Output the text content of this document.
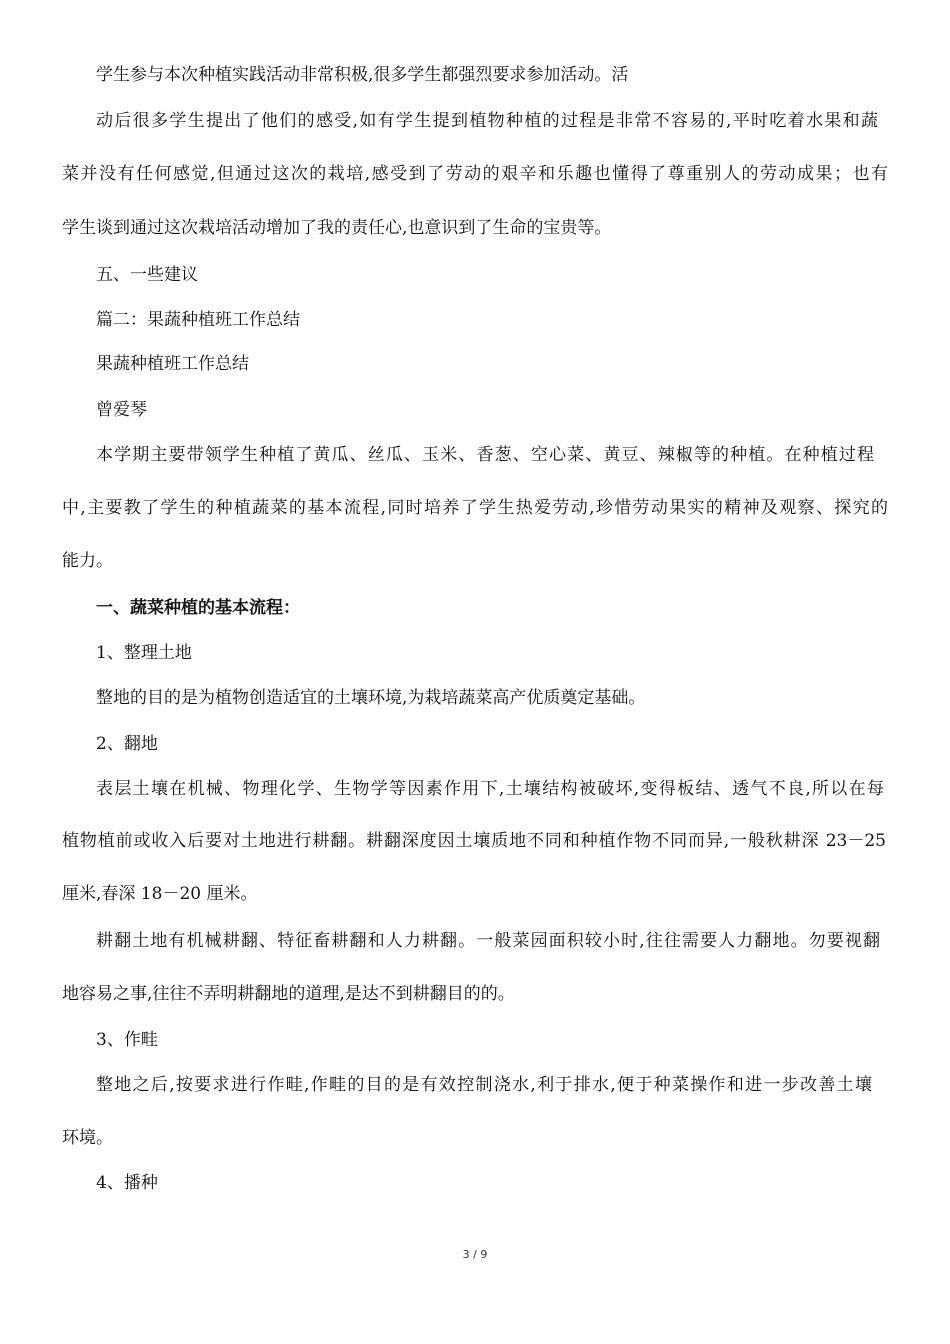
学生参与本次种植实践活动非常积极,很多学生都强烈要求参加活动。活

动后很多学生提出了他们的感受,如有学生提到植物种植的过程是非常不容易的,平时吃着水果和蔬

菜并没有任何感觉,但通过这次的栽培,感受到了劳动的艰辛和乐趣也懂得了尊重别人的劳动成果；也有

学生谈到通过这次栽培活动增加了我的责任心,也意识到了生命的宝贵等。

五、一些建议

篇二：果蔬种植班工作总结

果蔬种植班工作总结

曾爱琴

本学期主要带领学生种植了黄瓜、丝瓜、玉米、香葱、空心菜、黄豆、辣椒等的种植。在种植过程

中,主要教了学生的种植蔬菜的基本流程,同时培养了学生热爱劳动,珍惜劳动果实的精神及观察、探究的

能力。

一、蔬菜种植的基本流程：

1、整理土地

整地的目的是为植物创造适宜的土壤环境,为栽培蔬菜高产优质奠定基础。

2、翻地

表层土壤在机械、物理化学、生物学等因素作用下,土壤结构被破坏,变得板结、透气不良,所以在每

植物植前或收入后要对土地进行耕翻。耕翻深度因土壤质地不同和种植作物不同而异,一般秋耕深 23－25

厘米,春深 18－20 厘米。

耕翻土地有机械耕翻、特征畜耕翻和人力耕翻。一般菜园面积较小时,往往需要人力翻地。勿要视翻

地容易之事,往往不弄明耕翻地的道理,是达不到耕翻目的的。

3、作畦

整地之后,按要求进行作畦,作畦的目的是有效控制浇水,利于排水,便于种菜操作和进一步改善土壤

环境。

4、播种

3 / 9
